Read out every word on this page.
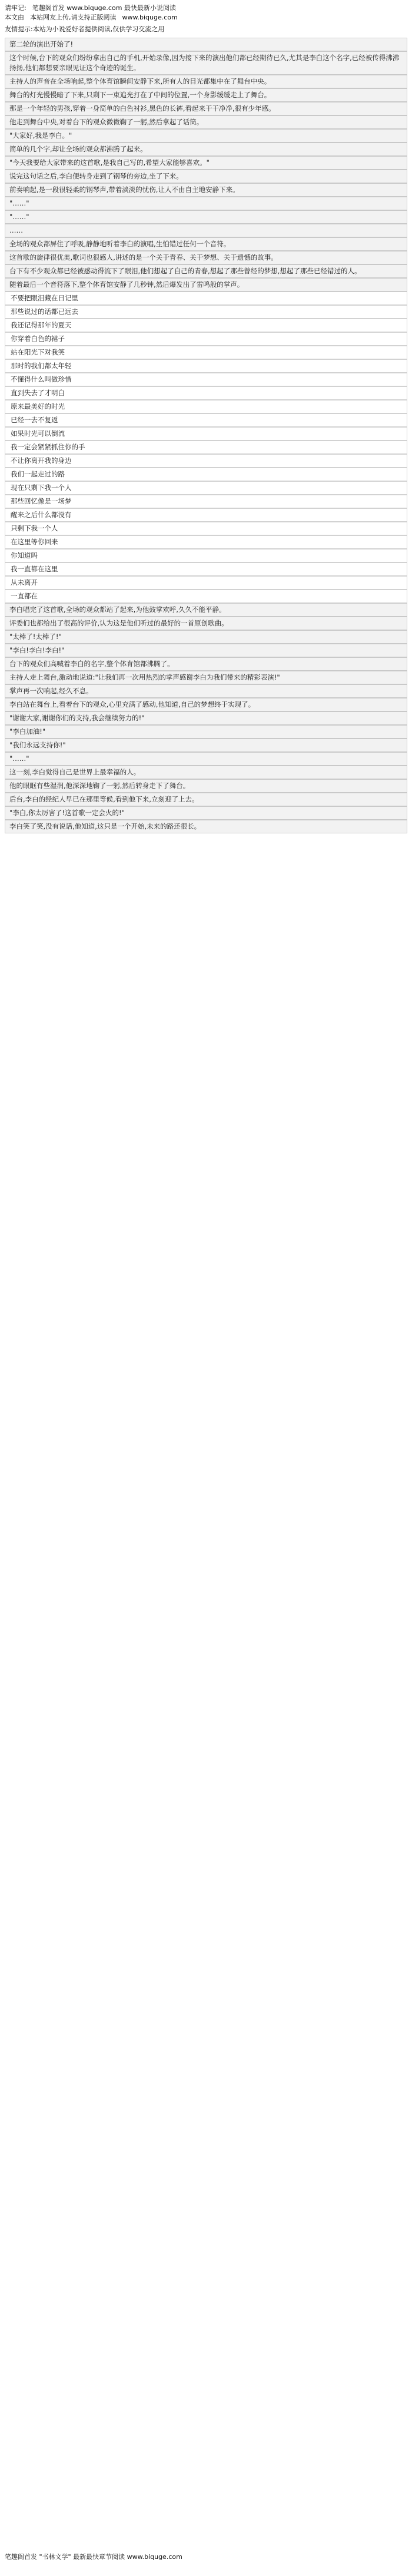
请牢记: 笔趣阁首发 www.biquge.com 最快最新小说阅读
本文由 本站网友上传,请支持正版阅读 www.biquge.com
友情提示:本站为小说爱好者提供阅读,仅供学习交流之用
第二轮的演出开始了!
这个时候,台下的观众们纷纷拿出自己的手机,开始录像,因为接下来的演出他们都已经期待已久,尤其是李白这个名字,已经被传得沸沸扬扬,他们都想要亲眼见证这个奇迹的诞生。
主持人的声音在全场响起,整个体育馆瞬间安静下来,所有人的目光都集中在了舞台中央。
舞台的灯光慢慢暗了下来,只剩下一束追光打在了中间的位置,一个身影缓缓走上了舞台。
那是一个年轻的男孩,穿着一身简单的白色衬衫,黑色的长裤,看起来干干净净,很有少年感。
他走到舞台中央,对着台下的观众微微鞠了一躬,然后拿起了话筒。
"大家好,我是李白。"
简单的几个字,却让全场的观众都沸腾了起来。
"今天我要给大家带来的这首歌,是我自己写的,希望大家能够喜欢。"
说完这句话之后,李白便转身走到了钢琴的旁边,坐了下来。
前奏响起,是一段很轻柔的钢琴声,带着淡淡的忧伤,让人不由自主地安静下来。
"……"
"……"
……
全场的观众都屏住了呼吸,静静地听着李白的演唱,生怕错过任何一个音符。
这首歌的旋律很优美,歌词也很感人,讲述的是一个关于青春、关于梦想、关于遗憾的故事。
台下有不少观众都已经被感动得流下了眼泪,他们想起了自己的青春,想起了那些曾经的梦想,想起了那些已经错过的人。
随着最后一个音符落下,整个体育馆安静了几秒钟,然后爆发出了雷鸣般的掌声。
不要把眼泪藏在日记里
那些说过的话都已远去
我还记得那年的夏天
你穿着白色的裙子
站在阳光下对我笑
那时的我们都太年轻
不懂得什么叫做珍惜
直到失去了才明白
原来最美好的时光
已经一去不复返
如果时光可以倒流
我一定会紧紧抓住你的手
不让你离开我的身边
我们一起走过的路
现在只剩下我一个人
那些回忆像是一场梦
醒来之后什么都没有
只剩下我一个人
在这里等你回来
你知道吗
我一直都在这里
从未离开
一直都在
李白唱完了这首歌,全场的观众都站了起来,为他鼓掌欢呼,久久不能平静。
评委们也都给出了很高的评价,认为这是他们听过的最好的一首原创歌曲。
"太棒了!太棒了!"
"李白!李白!李白!"
台下的观众们高喊着李白的名字,整个体育馆都沸腾了。
主持人走上舞台,激动地说道:"让我们再一次用热烈的掌声感谢李白为我们带来的精彩表演!"
掌声再一次响起,经久不息。
李白站在舞台上,看着台下的观众,心里充满了感动,他知道,自己的梦想终于实现了。
"谢谢大家,谢谢你们的支持,我会继续努力的!"
"李白加油!"
"我们永远支持你!"
"……"
这一刻,李白觉得自己是世界上最幸福的人。
他的眼眶有些湿润,他深深地鞠了一躬,然后转身走下了舞台。
后台,李白的经纪人早已在那里等候,看到他下来,立刻迎了上去。
"李白,你太厉害了!这首歌一定会火的!"
李白笑了笑,没有说话,他知道,这只是一个开始,未来的路还很长。
笔趣阁首发 "书林文学" 最新最快章节阅读 www.biquge.com
